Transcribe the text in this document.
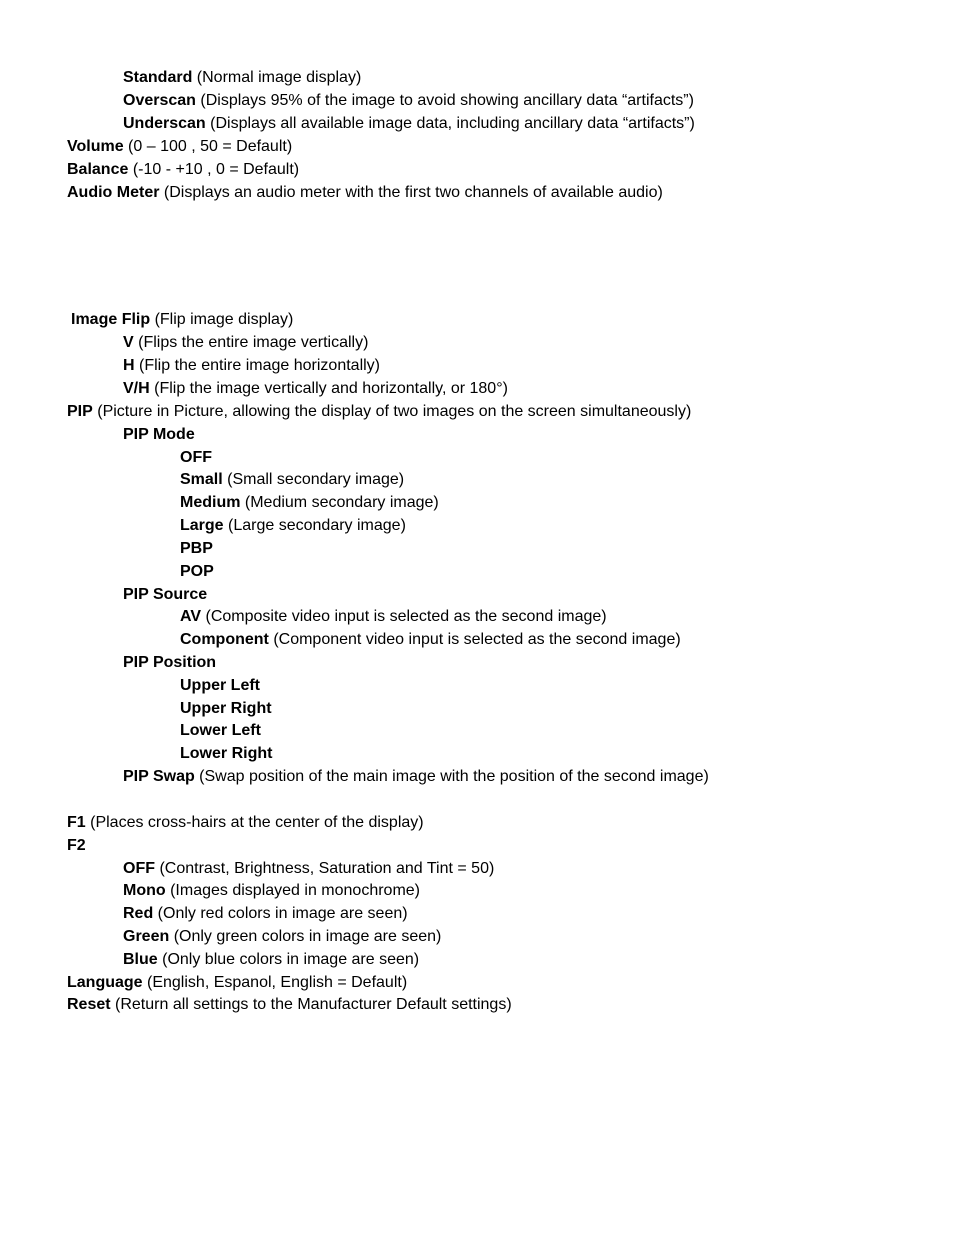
Standard (Normal image display)
Overscan (Displays 95% of the image to avoid showing ancillary data “artifacts”)
Underscan (Displays all available image data, including ancillary data “artifacts”)
Volume (0 – 100 , 50 = Default)
Balance (-10 - +10 , 0 = Default)
Audio Meter (Displays an audio meter with the first two channels of available audio)
Image Flip (Flip image display)
V (Flips the entire image vertically)
H (Flip the entire image horizontally)
V/H (Flip the image vertically and horizontally, or 180°)
PIP (Picture in Picture, allowing the display of two images on the screen simultaneously)
PIP Mode
OFF
Small (Small secondary image)
Medium (Medium secondary image)
Large (Large secondary image)
PBP
POP
PIP Source
AV (Composite video input is selected as the second image)
Component (Component video input is selected as the second image)
PIP Position
Upper Left
Upper Right
Lower Left
Lower Right
PIP Swap (Swap position of the main image with the position of the second image)
F1 (Places cross-hairs at the center of the display)
F2
OFF (Contrast, Brightness, Saturation and Tint = 50)
Mono (Images displayed in monochrome)
Red (Only red colors in image are seen)
Green (Only green colors in image are seen)
Blue (Only blue colors in image are seen)
Language (English, Espanol, English = Default)
Reset (Return all settings to the Manufacturer Default settings)
